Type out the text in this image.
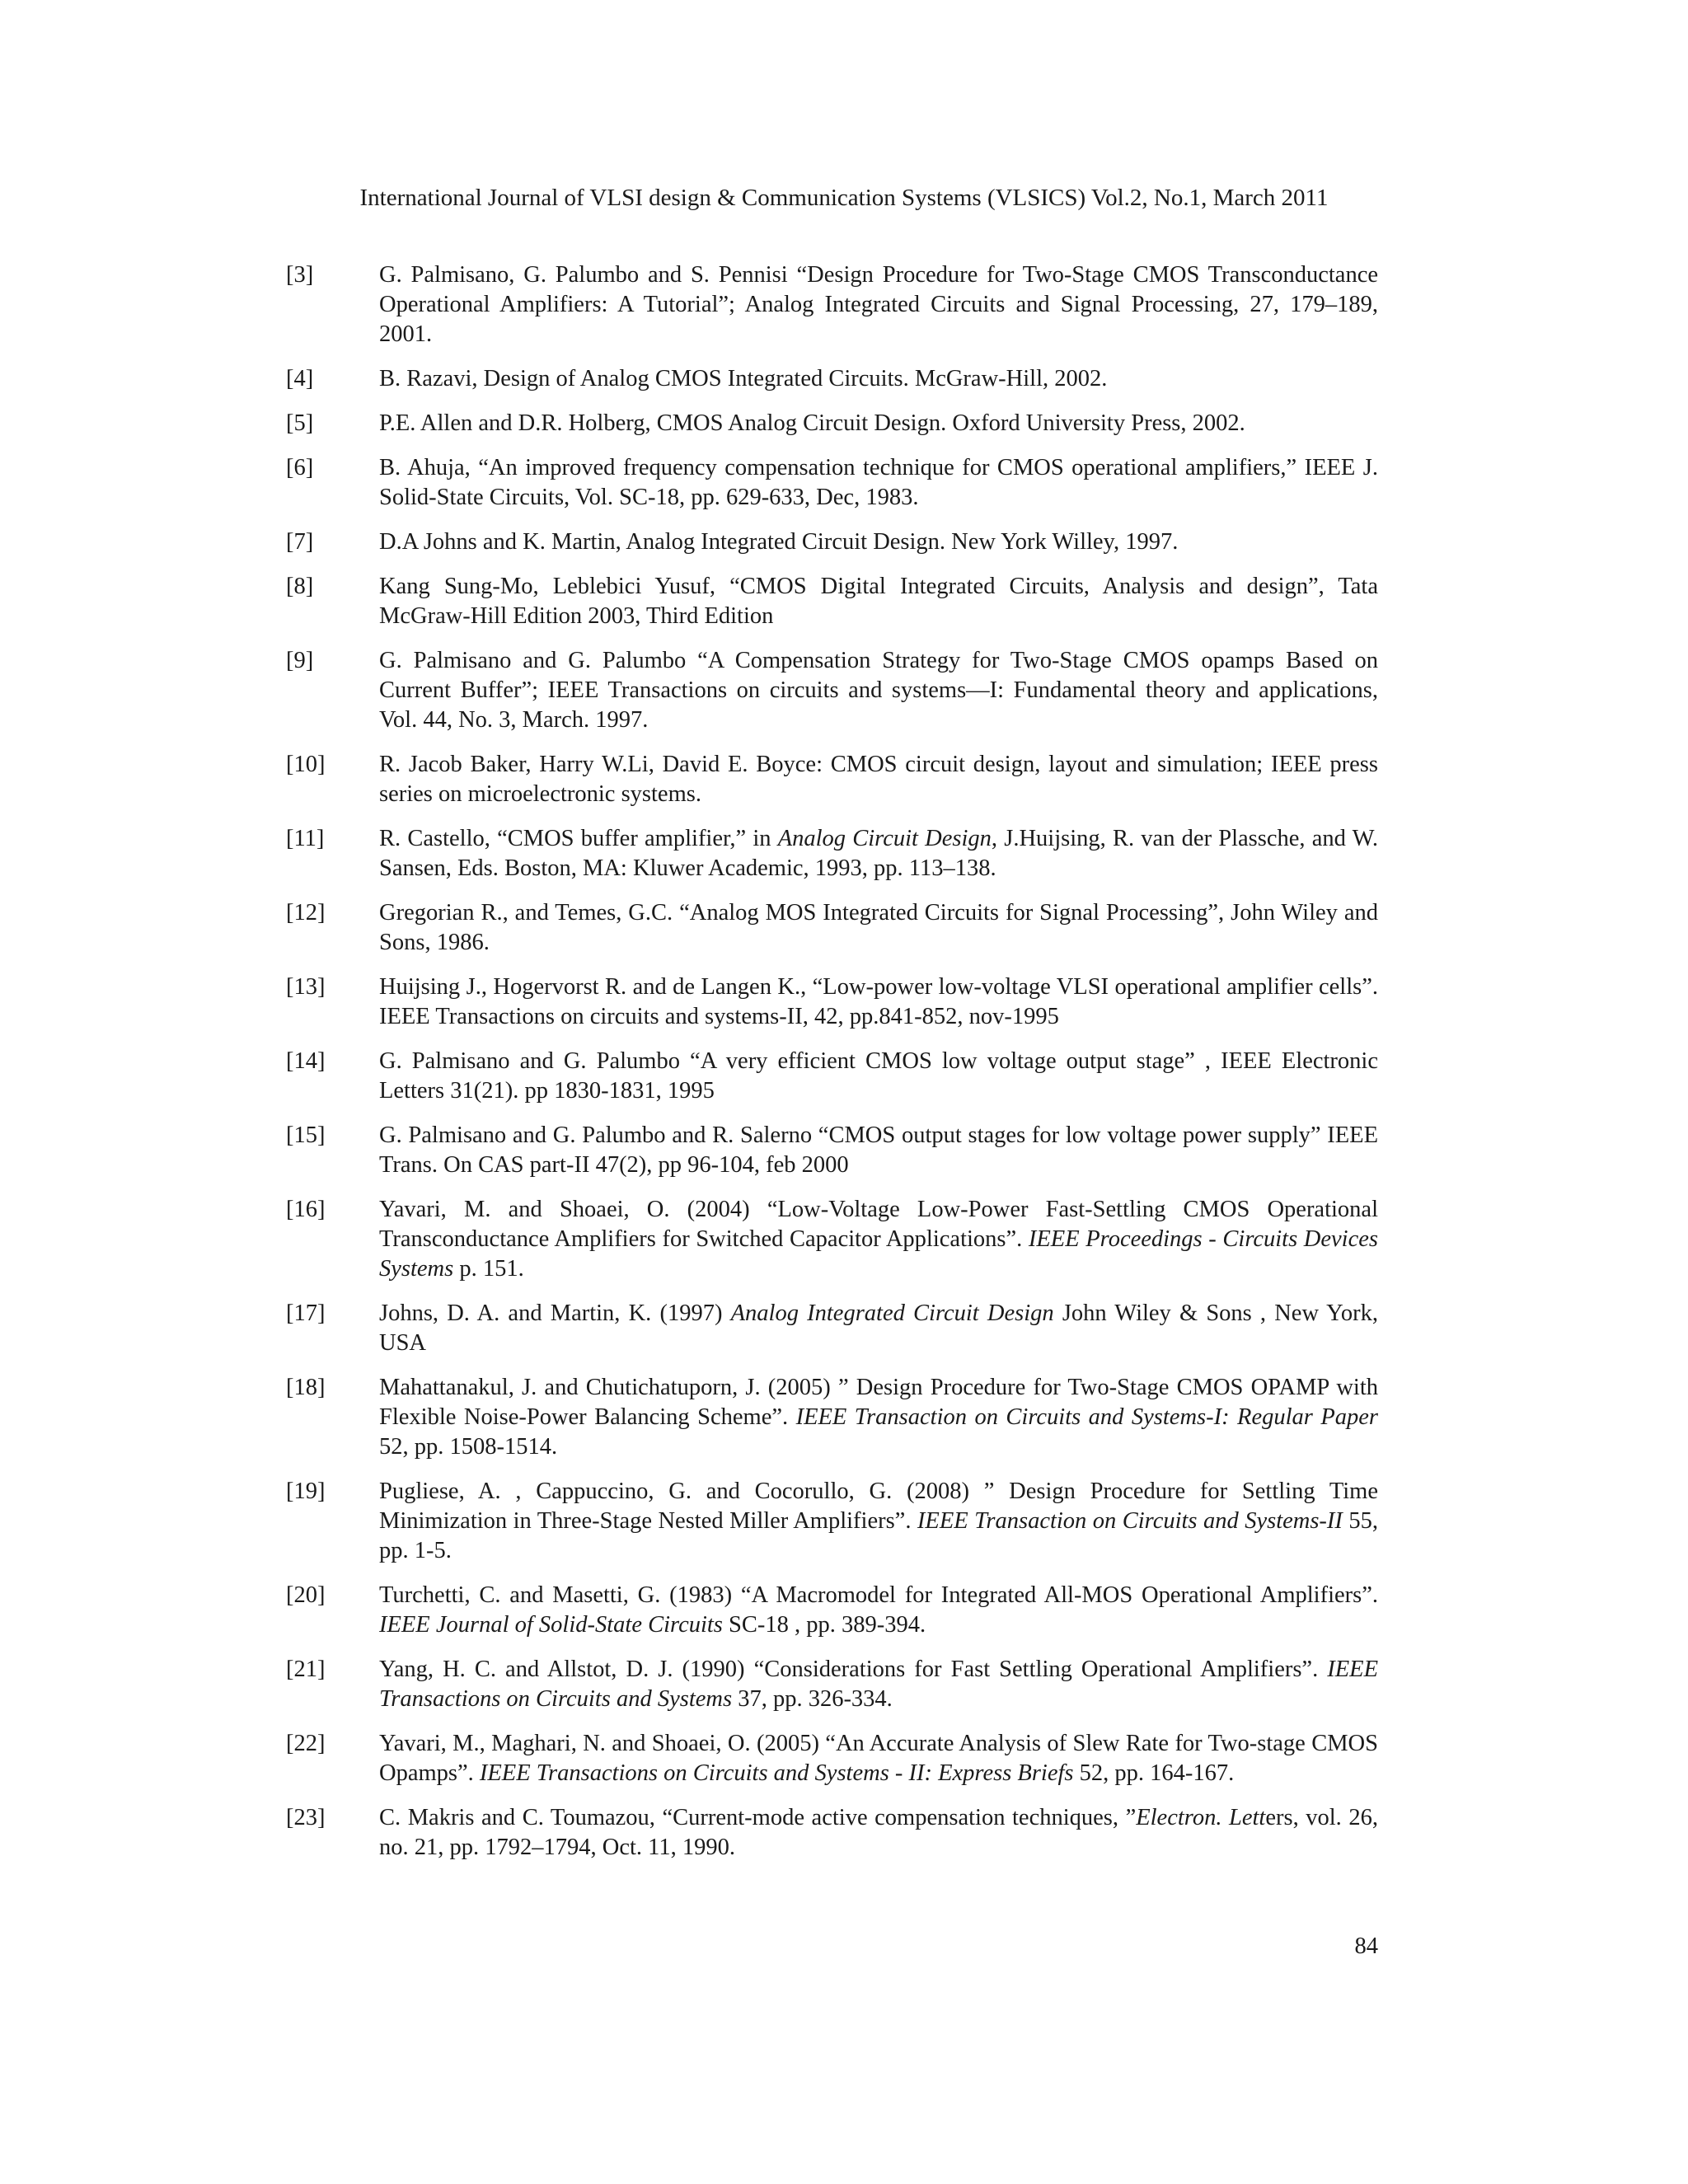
International Journal of VLSI design & Communication Systems (VLSICS) Vol.2, No.1, March 2011
[3]	G. Palmisano, G. Palumbo and S. Pennisi “Design Procedure for Two-Stage CMOS Transconductance Operational Amplifiers: A Tutorial”; Analog Integrated Circuits and Signal Processing, 27, 179–189, 2001.
[4]	B. Razavi, Design of Analog CMOS Integrated Circuits. McGraw-Hill, 2002.
[5]	P.E. Allen and D.R. Holberg, CMOS Analog Circuit Design. Oxford University Press, 2002.
[6]	B. Ahuja, “An improved frequency compensation technique for CMOS operational amplifiers,” IEEE J. Solid-State Circuits, Vol. SC-18, pp. 629-633, Dec, 1983.
[7]	D.A Johns and K. Martin, Analog Integrated Circuit Design. New York Willey, 1997.
[8]	Kang Sung-Mo, Leblebici Yusuf, “CMOS Digital Integrated Circuits, Analysis and design”, Tata McGraw-Hill Edition 2003, Third Edition
[9]	G. Palmisano and G. Palumbo “A Compensation Strategy for Two-Stage CMOS opamps Based on Current Buffer”; IEEE Transactions on circuits and systems—I: Fundamental theory and applications, Vol. 44, No. 3, March. 1997.
[10] R. Jacob Baker, Harry W.Li, David E. Boyce: CMOS circuit design, layout and simulation; IEEE press series on microelectronic systems.
[11] R. Castello, “CMOS buffer amplifier,” in Analog Circuit Design, J.Huijsing, R. van der Plassche, and W. Sansen, Eds. Boston, MA: Kluwer Academic, 1993, pp. 113–138.
[12] Gregorian R., and Temes, G.C. “Analog MOS Integrated Circuits for Signal Processing”, John Wiley and Sons, 1986.
[13] Huijsing J., Hogervorst R. and de Langen K., “Low-power low-voltage VLSI operational amplifier cells”. IEEE Transactions on circuits and systems-II, 42, pp.841-852, nov-1995
[14] G. Palmisano and G. Palumbo “A very efficient CMOS low voltage output stage” , IEEE Electronic Letters 31(21). pp 1830-1831, 1995
[15] G. Palmisano and G. Palumbo and R. Salerno “CMOS output stages for low voltage power supply” IEEE Trans. On CAS part-II 47(2), pp 96-104, feb 2000
[16] Yavari, M. and Shoaei, O. (2004) “Low-Voltage Low-Power Fast-Settling CMOS Operational Transconductance Amplifiers for Switched Capacitor Applications”. IEEE Proceedings - Circuits Devices Systems p. 151.
[17] Johns, D. A. and Martin, K. (1997) Analog Integrated Circuit Design John Wiley & Sons , New York, USA
[18] Mahattanakul, J. and Chutichatuporn, J. (2005) ” Design Procedure for Two-Stage CMOS OPAMP with Flexible Noise-Power Balancing Scheme”. IEEE Transaction on Circuits and Systems-I: Regular Paper 52, pp. 1508-1514.
[19] Pugliese, A. , Cappuccino, G. and Cocorullo, G. (2008) ” Design Procedure for Settling Time Minimization in Three-Stage Nested Miller Amplifiers”. IEEE Transaction on Circuits and Systems-II 55, pp. 1-5.
[20] Turchetti, C. and Masetti, G. (1983) “A Macromodel for Integrated All-MOS Operational Amplifiers”. IEEE Journal of Solid-State Circuits SC-18 , pp. 389-394.
[21] Yang, H. C. and Allstot, D. J. (1990) “Considerations for Fast Settling Operational Amplifiers”. IEEE Transactions on Circuits and Systems 37, pp. 326-334.
[22] Yavari, M., Maghari, N. and Shoaei, O. (2005) “An Accurate Analysis of Slew Rate for Two-stage CMOS Opamps”. IEEE Transactions on Circuits and Systems - II: Express Briefs 52, pp. 164-167.
[23] C. Makris and C. Toumazou, “Current-mode active compensation techniques, ”Electron. Letters, vol. 26, no. 21, pp. 1792–1794, Oct. 11, 1990.
84
